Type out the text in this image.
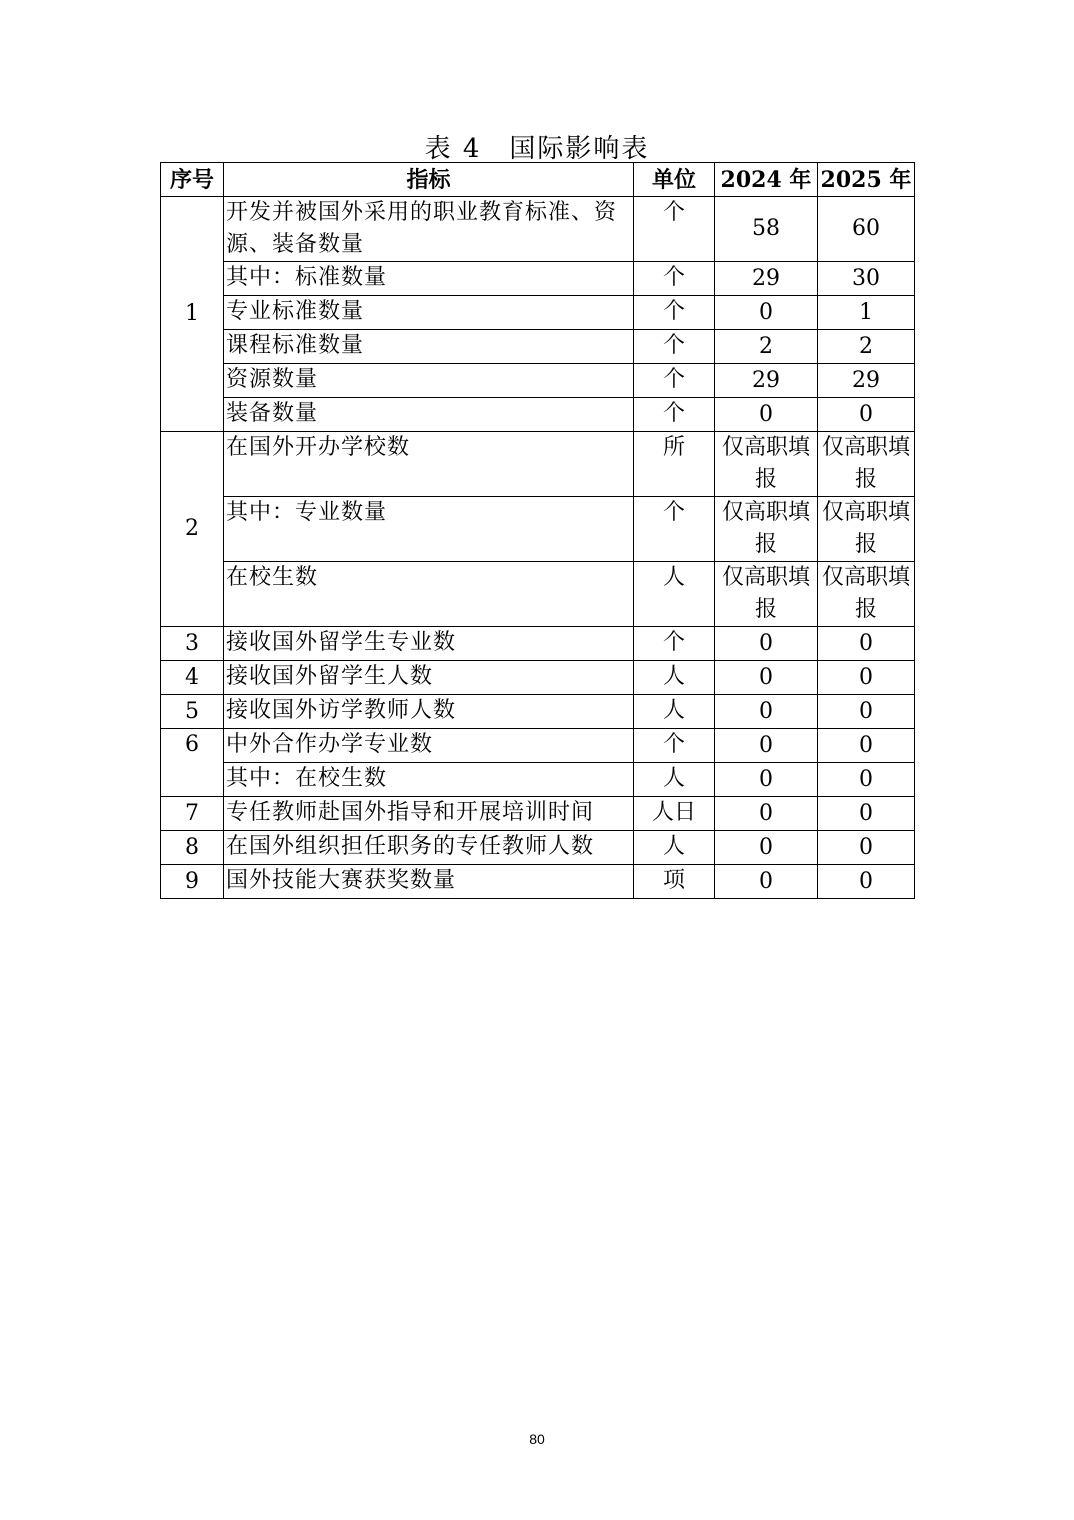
表 4　国际影响表
序号	指标	单位	2024 年	2025 年
1	开发并被国外采用的职业教育标准、资源、装备数量	个	58	60
	其中：标准数量	个	29	30
	专业标准数量	个	0	1
	课程标准数量	个	2	2
	资源数量	个	29	29
	装备数量	个	0	0
2	在国外开办学校数	所	仅高职填报	仅高职填报
	其中：专业数量	个	仅高职填报	仅高职填报
	在校生数	人	仅高职填报	仅高职填报
3	接收国外留学生专业数	个	0	0
4	接收国外留学生人数	人	0	0
5	接收国外访学教师人数	人	0	0
6	中外合作办学专业数	个	0	0
	其中：在校生数	人	0	0
7	专任教师赴国外指导和开展培训时间	人日	0	0
8	在国外组织担任职务的专任教师人数	人	0	0
9	国外技能大赛获奖数量	项	0	0
80
